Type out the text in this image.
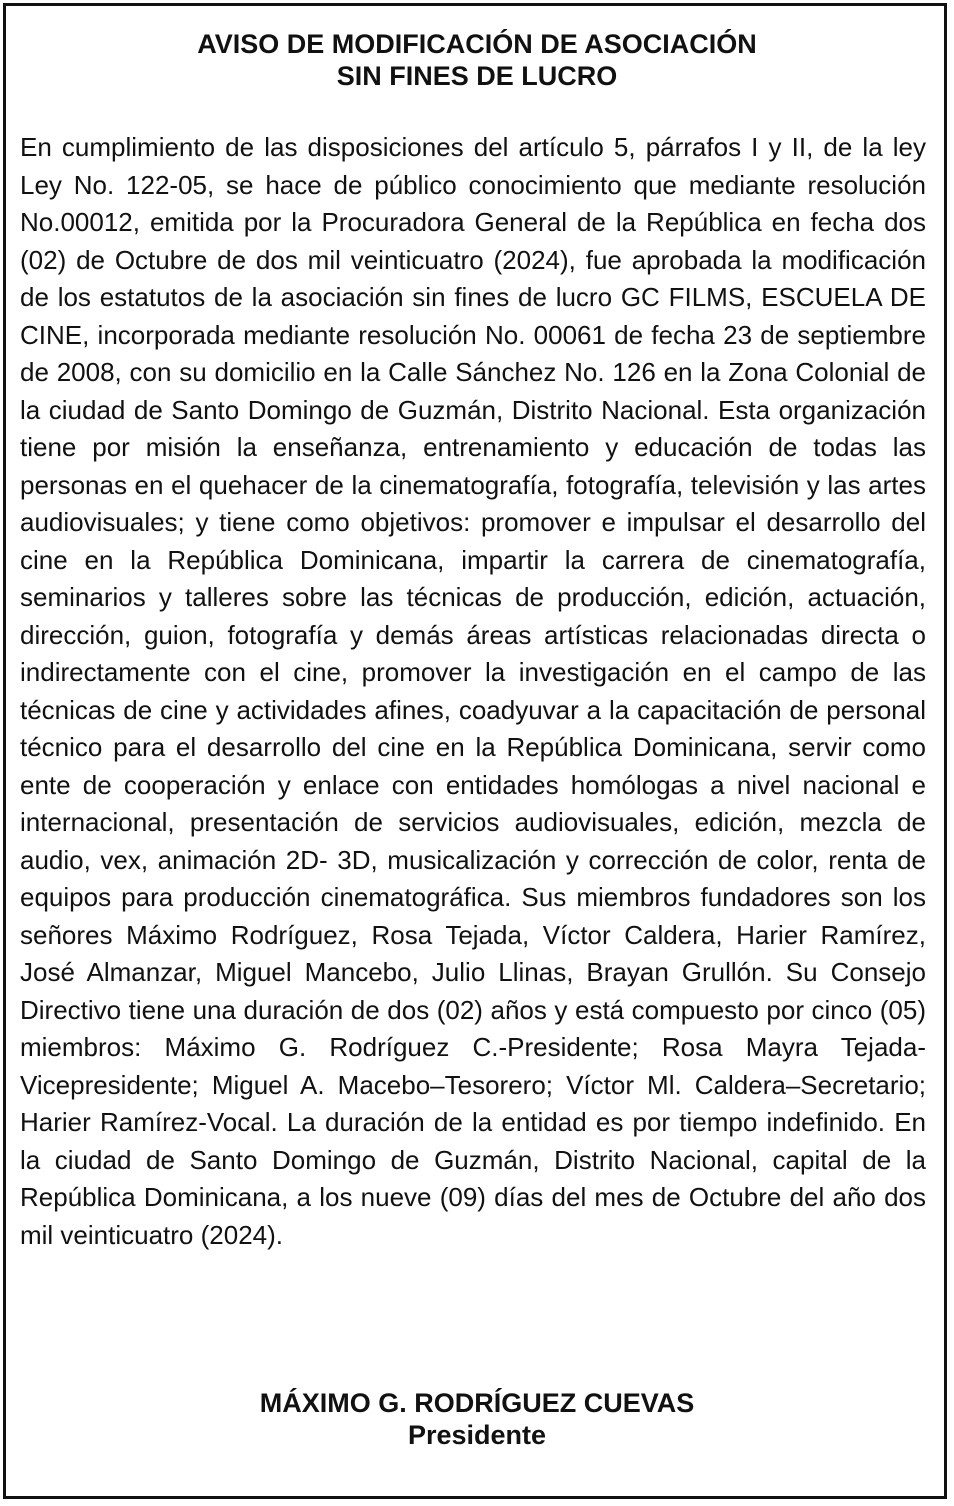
AVISO DE MODIFICACIÓN DE ASOCIACIÓN
SIN FINES DE LUCRO

En cumplimiento de las disposiciones del artículo 5, párrafos I y II, de la ley Ley No. 122-05, se hace de público conocimiento que mediante resolución No.00012, emitida por la Procuradora General de la República en fecha dos (02) de Octubre de dos mil veinticuatro (2024), fue aprobada la modificación de los estatutos de la asociación sin fines de lucro GC FILMS, ESCUELA DE CINE, incorporada mediante resolución No. 00061 de fecha 23 de septiembre de 2008, con su domicilio en la Calle Sánchez No. 126 en la Zona Colonial de la ciudad de Santo Domingo de Guzmán, Distrito Nacional. Esta organización tiene por misión la enseñanza, entrenamiento y educación de todas las personas en el quehacer de la cinematografía, fotografía, televisión y las artes audiovisuales; y tiene como objetivos: promover e impulsar el desarrollo del cine en la República Dominicana, impartir la carrera de cinematografía, seminarios y talleres sobre las técnicas de producción, edición, actuación, dirección, guion, fotografía y demás áreas artísticas relacionadas directa o indirectamente con el cine, promover la investigación en el campo de las técnicas de cine y actividades afines, coadyuvar a la capacitación de personal técnico para el desarrollo del cine en la República Dominicana, servir como ente de cooperación y enlace con entidades homólogas a nivel nacional e internacional, presentación de servicios audiovisuales, edición, mezcla de audio, vex, animación 2D- 3D, musicalización y corrección de color, renta de equipos para producción cinematográfica. Sus miembros fundadores son los señores Máximo Rodríguez, Rosa Tejada, Víctor Caldera, Harier Ramírez, José Almanzar, Miguel Mancebo, Julio Llinas, Brayan Grullón. Su Consejo Directivo tiene una duración de dos (02) años y está compuesto por cinco (05) miembros: Máximo G. Rodríguez C.-Presidente; Rosa Mayra Tejada-Vicepresidente; Miguel A. Macebo–Tesorero; Víctor Ml. Caldera–Secretario; Harier Ramírez-Vocal. La duración de la entidad es por tiempo indefinido. En la ciudad de Santo Domingo de Guzmán, Distrito Nacional, capital de la República Dominicana, a los nueve (09) días del mes de Octubre del año dos mil veinticuatro (2024).

MÁXIMO G. RODRÍGUEZ CUEVAS
Presidente
